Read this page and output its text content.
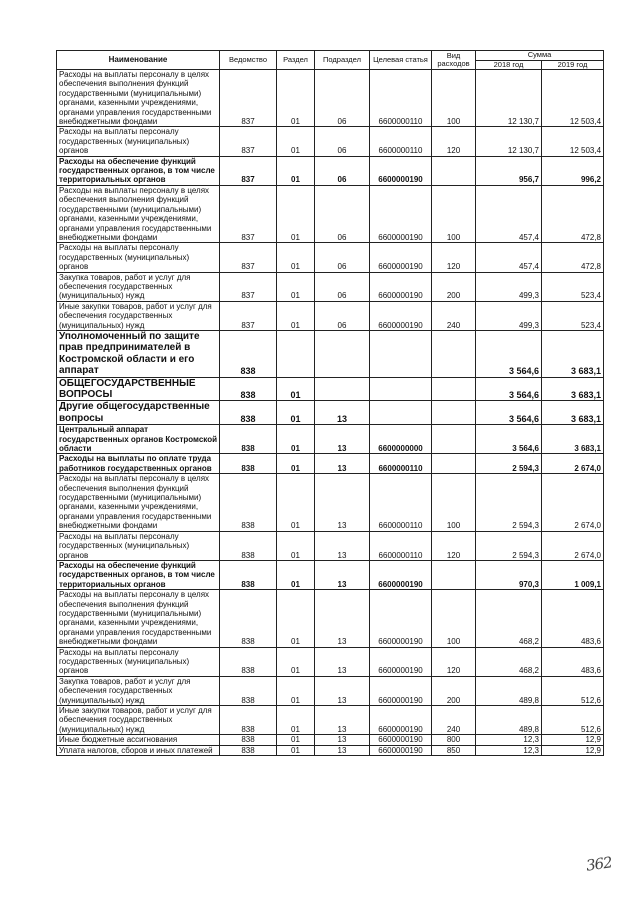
Наименование	Ведомство	Раздел	Подраздел	Целевая статья	Вид расходов	Сумма	
						2018 год	2019 год
Расходы на выплаты персоналу в целях обеспечения выполнения функций государственными (муниципальными) органами, казенными учреждениями, органами управления государственными внебюджетными фондами	837	01	06	6600000110	100	12 130,7	12 503,4
Расходы на выплаты персоналу государственных (муниципальных) органов	837	01	06	6600000110	120	12 130,7	12 503,4
Расходы на обеспечение функций государственных органов, в том числе территориальных органов	837	01	06	6600000190		956,7	996,2
Расходы на выплаты персоналу в целях обеспечения выполнения функций государственными (муниципальными) органами, казенными учреждениями, органами управления государственными внебюджетными фондами	837	01	06	6600000190	100	457,4	472,8
Расходы на выплаты персоналу государственных (муниципальных) органов	837	01	06	6600000190	120	457,4	472,8
Закупка товаров, работ и услуг для обеспечения государственных (муниципальных) нужд	837	01	06	6600000190	200	499,3	523,4
Иные закупки товаров, работ и услуг для обеспечения государственных (муниципальных) нужд	837	01	06	6600000190	240	499,3	523,4
Уполномоченный по защите прав предпринимателей в Костромской области и его аппарат	838					3 564,6	3 683,1
ОБЩЕГОСУДАРСТВЕННЫЕ ВОПРОСЫ	838	01				3 564,6	3 683,1
Другие общегосударственные вопросы	838	01	13			3 564,6	3 683,1
Центральный аппарат государственных органов Костромской области	838	01	13	6600000000		3 564,6	3 683,1
Расходы на выплаты по оплате труда работников государственных органов	838	01	13	6600000110		2 594,3	2 674,0
Расходы на выплаты персоналу в целях обеспечения выполнения функций государственными (муниципальными) органами, казенными учреждениями, органами управления государственными внебюджетными фондами	838	01	13	6600000110	100	2 594,3	2 674,0
Расходы на выплаты персоналу государственных (муниципальных) органов	838	01	13	6600000110	120	2 594,3	2 674,0
Расходы на обеспечение функций государственных органов, в том числе территориальных органов	838	01	13	6600000190		970,3	1 009,1
Расходы на выплаты персоналу в целях обеспечения выполнения функций государственными (муниципальными) органами, казенными учреждениями, органами управления государственными внебюджетными фондами	838	01	13	6600000190	100	468,2	483,6
Расходы на выплаты персоналу государственных (муниципальных) органов	838	01	13	6600000190	120	468,2	483,6
Закупка товаров, работ и услуг для обеспечения государственных (муниципальных) нужд	838	01	13	6600000190	200	489,8	512,6
Иные закупки товаров, работ и услуг для обеспечения государственных (муниципальных) нужд	838	01	13	6600000190	240	489,8	512,6
Иные бюджетные ассигнования	838	01	13	6600000190	800	12,3	12,9
Уплата налогов, сборов и иных платежей	838	01	13	6600000190	850	12,3	12,9
362
